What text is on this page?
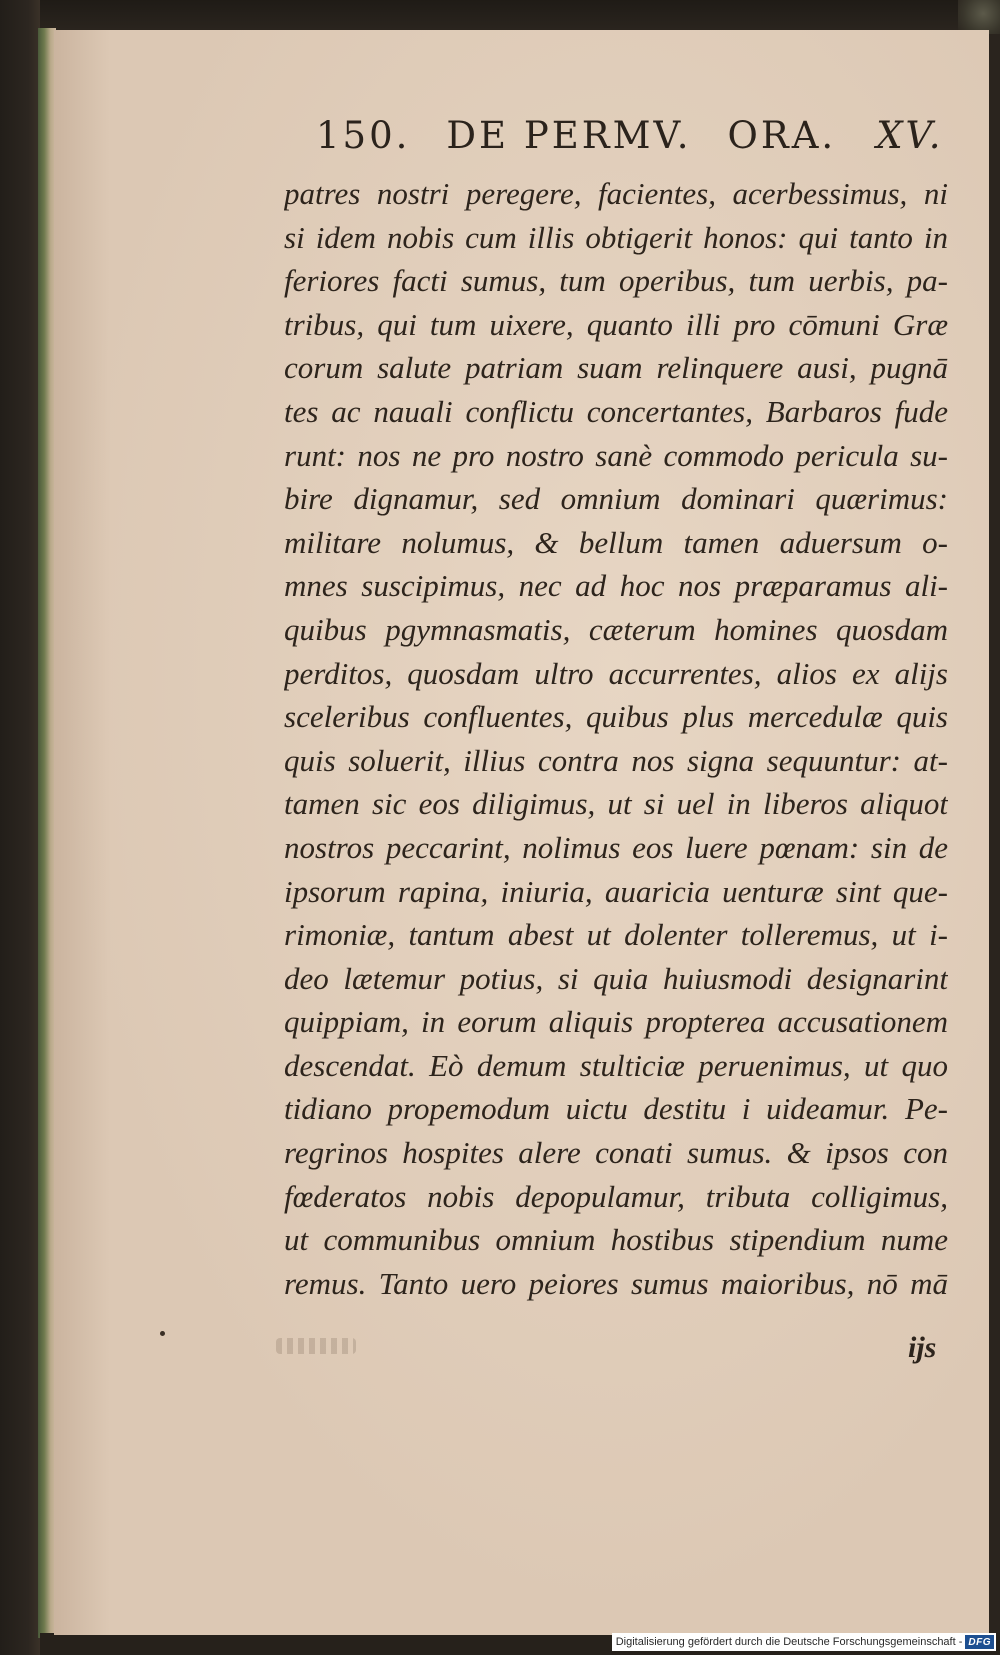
150. DE PERMV. ORA. XV.
patres nostri peregere, facientes, acerbessimus, ni
si idem nobis cum illis obtigerit honos: qui tanto in
feriores facti sumus, tum operibus, tum uerbis, pa-
tribus, qui tum uixere, quanto illi pro cōmuni Græ
corum salute patriam suam relinquere ausi, pugnā
tes ac nauali conflictu concertantes, Barbaros fude
runt: nos ne pro nostro sanè commodo pericula su-
bire dignamur, sed omnium dominari quærimus:
militare nolumus, & bellum tamen aduersum o-
mnes suscipimus, nec ad hoc nos præparamus ali-
quibus pgymnasmatis, cæterum homines quosdam
perditos, quosdam ultro accurrentes, alios ex alijs
sceleribus confluentes, quibus plus mercedulæ quis
quis soluerit, illius contra nos signa sequuntur: at-
tamen sic eos diligimus, ut si uel in liberos aliquot
nostros peccarint, nolimus eos luere pœnam: sin de
ipsorum rapina, iniuria, auaricia uenturæ sint que-
rimoniæ, tantum abest ut dolenter tolleremus, ut i-
deo lætemur potius, si quia huiusmodi designarint
quippiam, in eorum aliquis propterea accusationem
descendat. Eò demum stulticiæ peruenimus, ut quo
tidiano propemodum uictu destitu i uideamur. Pe-
regrinos hospites alere conati sumus. & ipsos con
fœderatos nobis depopulamur, tributa colligimus,
ut communibus omnium hostibus stipendium nume
remus. Tanto uero peiores sumus maioribus, nō mā
ijs
Digitalisierung gefördert durch die Deutsche Forschungsgemeinschaft - DFG
